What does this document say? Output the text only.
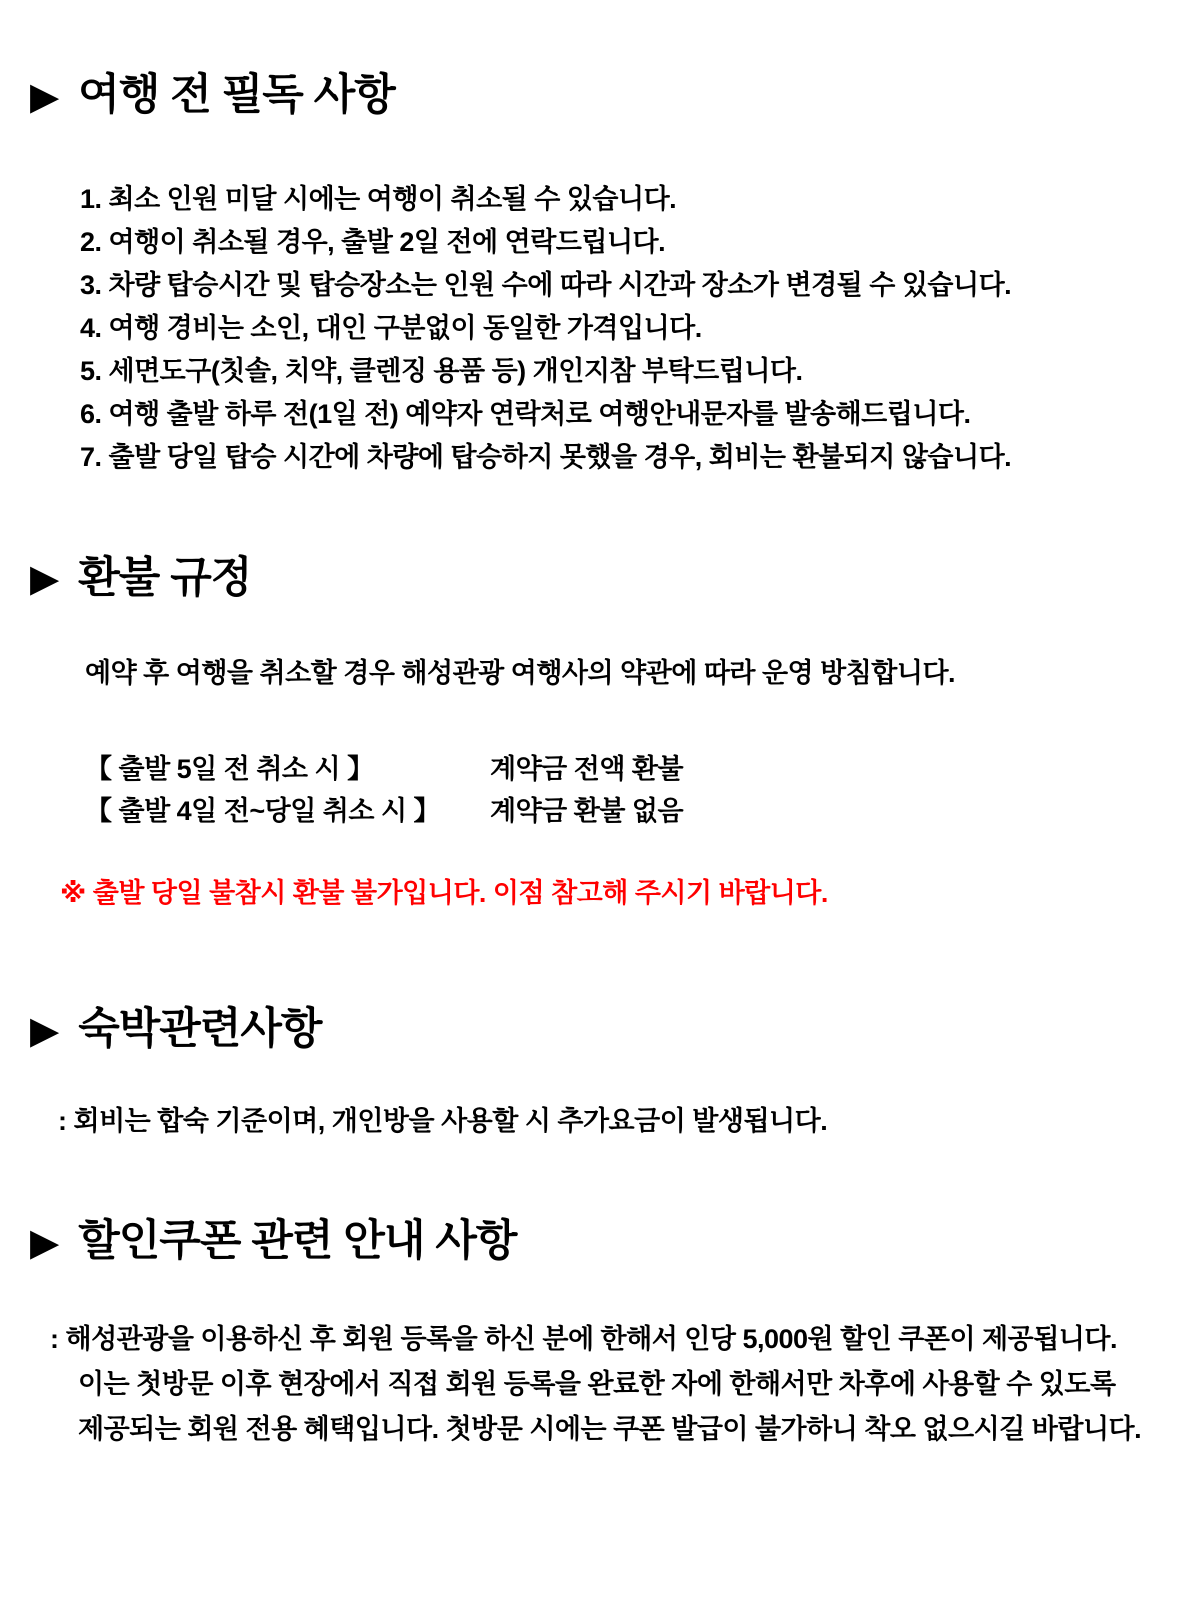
▶ 여행 전 필독 사항
1. 최소 인원 미달 시에는 여행이 취소될 수 있습니다.
2. 여행이 취소될 경우, 출발 2일 전에 연락드립니다.
3. 차량 탑승시간 및 탑승장소는 인원 수에 따라 시간과 장소가 변경될 수 있습니다.
4. 여행 경비는 소인, 대인 구분없이 동일한 가격입니다.
5. 세면도구(칫솔, 치약, 클렌징 용품 등) 개인지참 부탁드립니다.
6. 여행 출발 하루 전(1일 전) 예약자 연락처로 여행안내문자를 발송해드립니다.
7. 출발 당일 탑승 시간에 차량에 탑승하지 못했을 경우, 회비는 환불되지 않습니다.
▶ 환불 규정
예약 후 여행을 취소할 경우 해성관광 여행사의 약관에 따라 운영 방침합니다.
【 출발 5일 전 취소 시 】	계약금 전액 환불
【 출발 4일 전~당일 취소 시 】	계약금 환불 없음
※ 출발 당일 불참시 환불 불가입니다. 이점 참고해 주시기 바랍니다.
▶ 숙박관련사항
: 회비는 합숙 기준이며, 개인방을 사용할 시 추가요금이 발생됩니다.
▶ 할인쿠폰 관련 안내 사항
: 해성관광을 이용하신 후 회원 등록을 하신 분에 한해서 인당 5,000원 할인 쿠폰이 제공됩니다.
이는 첫방문 이후 현장에서 직접 회원 등록을 완료한 자에 한해서만 차후에 사용할 수 있도록
제공되는 회원 전용 혜택입니다. 첫방문 시에는 쿠폰 발급이 불가하니 착오 없으시길 바랍니다.
